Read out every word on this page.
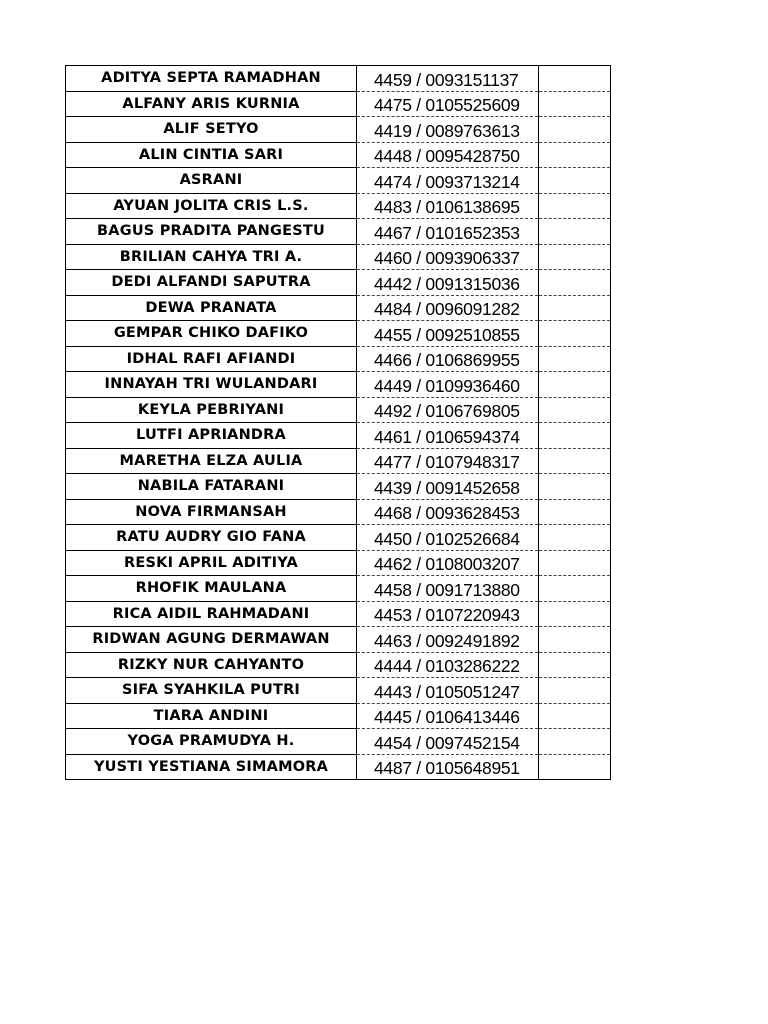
ADITYA SEPTA RAMADHAN	4459 / 0093151137	
ALFANY ARIS KURNIA	4475 / 0105525609	
ALIF SETYO	4419 / 0089763613	
ALIN CINTIA SARI	4448 / 0095428750	
ASRANI	4474 / 0093713214	
AYUAN JOLITA CRIS L.S.	4483 / 0106138695	
BAGUS PRADITA PANGESTU	4467 / 0101652353	
BRILIAN CAHYA TRI A.	4460 / 0093906337	
DEDI ALFANDI SAPUTRA	4442 / 0091315036	
DEWA PRANATA	4484 / 0096091282	
GEMPAR CHIKO DAFIKO	4455 / 0092510855	
IDHAL RAFI AFIANDI	4466 / 0106869955	
INNAYAH TRI WULANDARI	4449 / 0109936460	
KEYLA PEBRIYANI	4492 / 0106769805	
LUTFI APRIANDRA	4461 / 0106594374	
MARETHA ELZA AULIA	4477 / 0107948317	
NABILA FATARANI	4439 / 0091452658	
NOVA FIRMANSAH	4468 / 0093628453	
RATU AUDRY GIO FANA	4450 / 0102526684	
RESKI APRIL ADITIYA	4462 / 0108003207	
RHOFIK MAULANA	4458 / 0091713880	
RICA AIDIL RAHMADANI	4453 / 0107220943	
RIDWAN AGUNG DERMAWAN	4463 / 0092491892	
RIZKY NUR CAHYANTO	4444 / 0103286222	
SIFA SYAHKILA PUTRI	4443 / 0105051247	
TIARA ANDINI	4445 / 0106413446	
YOGA PRAMUDYA H.	4454 / 0097452154	
YUSTI YESTIANA SIMAMORA	4487 / 0105648951	
